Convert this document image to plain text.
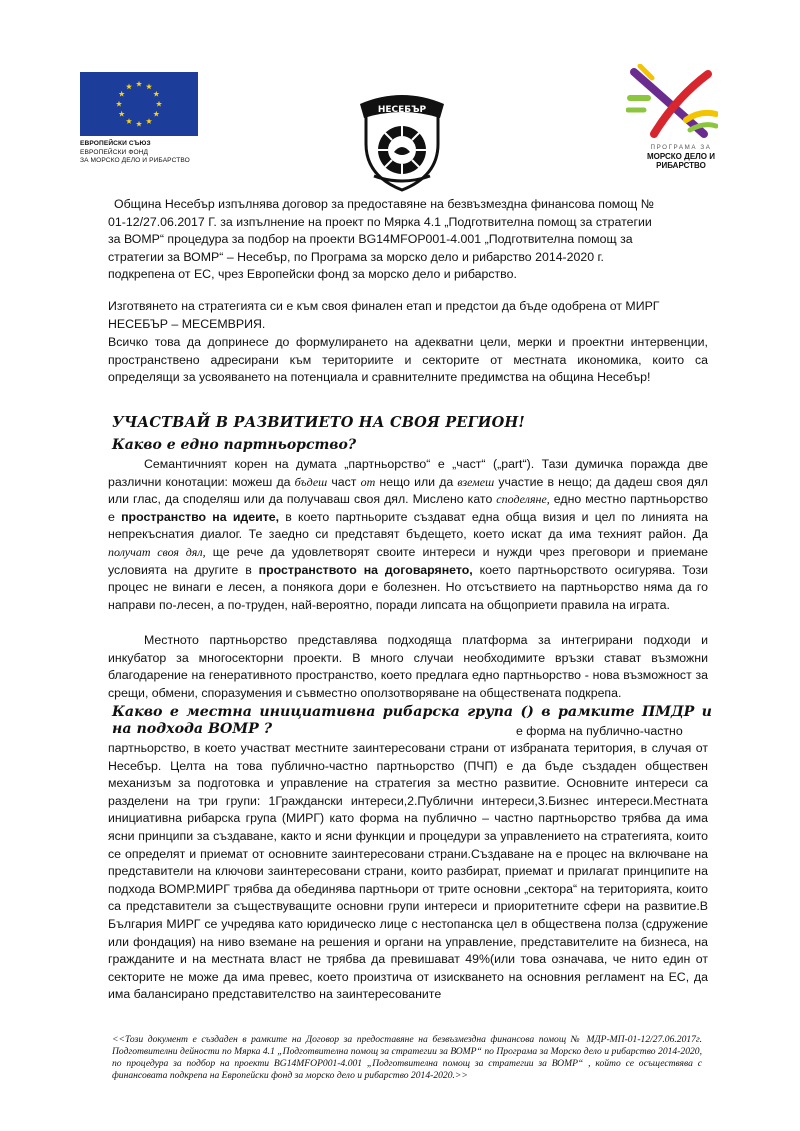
ЕВРОПЕЙСКИ СЪЮЗ
ЕВРОПЕЙСКИ ФОНД
ЗА МОРСКО ДЕЛО И РИБАРСТВО
НЕСЕБЪР
ПРОГРАМА ЗА
МОРСКО ДЕЛО И
РИБАРСТВО
Община Несебър изпълнява договор за предоставяне на безвъзмездна финансова помощ №
01-12/27.06.2017 Г. за изпълнение на проект по Мярка 4.1 „Подготвителна помощ за стратегии
за ВОМР“ процедура за подбор на проекти BG14MFOP001-4.001 „Подготвителна помощ за
стратегии за ВОМР“ – Несебър, по Програма за морско дело и рибарство 2014-2020 г.
подкрепена от ЕС, чрез Европейски фонд за морско дело и рибарство.
Изготвянето на стратегията си е към своя финален етап и предстои да бъде одобрена от МИРГ НЕСЕБЪР – МЕСЕМВРИЯ.
Всичко това да допринесе до формулирането на адекватни цели, мерки и проектни интервенции, пространствено адресирани към териториите и секторите от местната икономика, които са определящи за усвояването на потенциала и сравнителните предимства на община Несебър!
УЧАСТВАЙ В РАЗВИТИЕТО НА СВОЯ РЕГИОН!
Какво е едно партньорство?
Семантичният корен на думата „партньорство“ е „част“ („part“). Тази думичка поражда две различни конотации: можеш да бъдеш част от нещо или да вземеш участие в нещо; да дадеш своя дял или глас, да споделяш или да получаваш своя дял. Мислено като споделяне, едно местно партньорство е пространство на идеите, в което партньорите създават една обща визия и цел по линията на непрекъснатия диалог. Те заедно си представят бъдещето, което искат да има техният район. Да получат своя дял, ще рече да удовлетворят своите интереси и нужди чрез преговори и приемане условията на другите в пространството на договарянето, което партньорството осигурява. Този процес не винаги е лесен, а понякога дори е болезнен. Но отсъствието на партньорство няма да го направи по-лесен, а по-труден, най-вероятно, поради липсата на общоприети правила на играта.
Местното партньорство представлява подходяща платформа за интегрирани подходи и инкубатор за многосекторни проекти. В много случаи необходимите връзки стават възможни благодарение на генеративното пространство, което предлага едно партньорство - нова възможност за срещи, обмени, споразумения и съвместно оползотворяване на обществената подкрепа.
Какво е местна инициативна рибарска група () в рамките ПМДР и на подхода ВОМР ?	е форма на публично-частно
партньорство, в което участват местните заинтересовани страни от избраната територия, в случая от Несебър. Целта на това публично-частно партньорство (ПЧП) е да бъде създаден обществен механизъм за подготовка и управление на стратегия за местно развитие. Основните интереси са разделени на три групи: 1Граждански интереси,2.Публични интереси,3.Бизнес интереси.Местната инициативна рибарска група (МИРГ) като форма на публично – частно партньорство трябва да има ясни принципи за създаване, както и ясни функции и процедури за управлението на стратегията, които се определят и приемат от основните заинтересовани страни.Създаване на е процес на включване на представители на ключови заинтересовани страни, които разбират, приемат и прилагат принципите на подхода ВОМР.МИРГ трябва да обединява партньори от трите основни „сектора“ на територията, които са представители за съществуващите основни групи интереси и приоритетните сфери на развитие.В България МИРГ се учредява като юридическо лице с нестопанска цел в обществена полза (сдружение или фондация) на ниво вземане на решения и органи на управление, представителите на бизнеса, на гражданите и на местната власт не трябва да превишават 49%(или това означава, че нито един от секторите не може да има превес, което произтича от изискването на основния регламент на ЕС, да има балансирано представителство на заинтересованите
<<Този документ е създаден в рамките на Договор за предоставяне на безвъзмездна финансова помощ № МДР-МП-01-12/27.06.2017г. Подготвителни дейности по Мярка 4.1 „Подготвителна помощ за стратегии за ВОМР“ по Програма за Морско дело и рибарство 2014-2020, по процедура за подбор на проекти BG14MFOP001-4.001 „Подготвителна помощ за стратегии за ВОМР“ , който се осъществява с финансовата подкрепа на Европейски фонд за морско дело и рибарство 2014-2020.>>
